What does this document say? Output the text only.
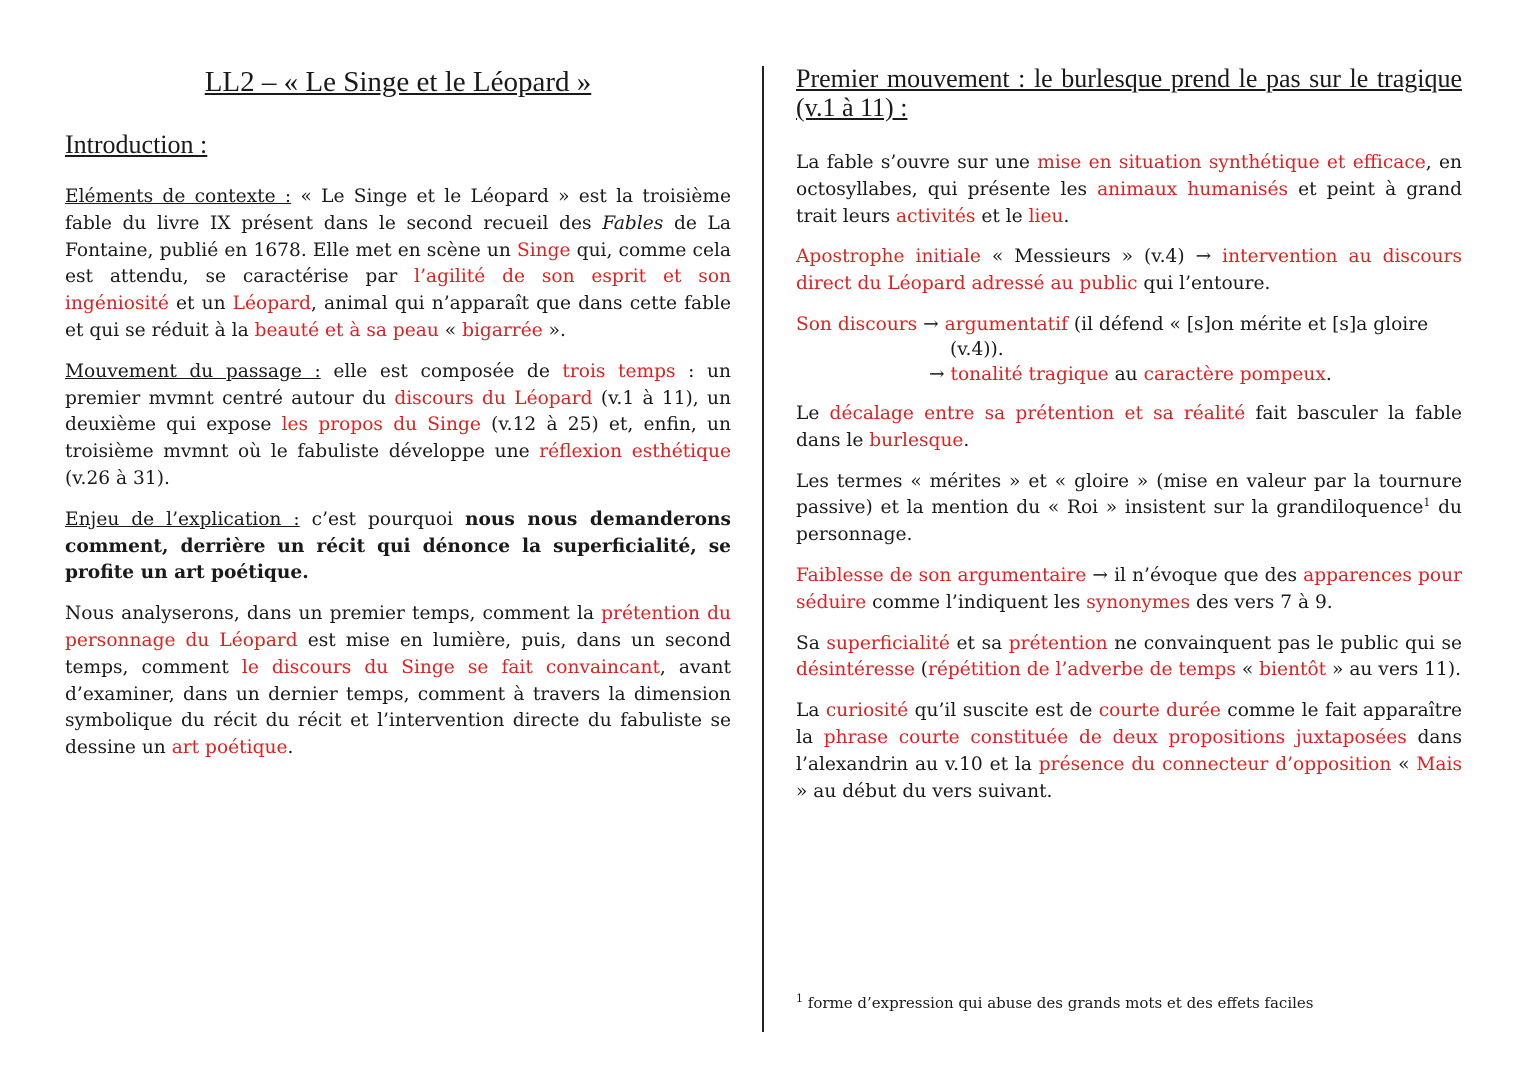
LL2 – « Le Singe et le Léopard »
Introduction :

Eléments de contexte : « Le Singe et le Léopard » est la troisième fable du livre IX présent dans le second recueil des Fables de La Fontaine, publié en 1678. Elle met en scène un Singe qui, comme cela est attendu, se caractérise par l’agilité de son esprit et son ingéniosité et un Léopard, animal qui n’apparaît que dans cette fable et qui se réduit à la beauté et à sa peau « bigarrée ».

Mouvement du passage : elle est composée de trois temps : un premier mvmnt centré autour du discours du Léopard (v.1 à 11), un deuxième qui expose les propos du Singe (v.12 à 25) et, enfin, un troisième mvmnt où le fabuliste développe une réflexion esthétique (v.26 à 31).

Enjeu de l’explication : c’est pourquoi nous nous demanderons comment, derrière un récit qui dénonce la superficialité, se profite un art poétique.

Nous analyserons, dans un premier temps, comment la prétention du personnage du Léopard est mise en lumière, puis, dans un second temps, comment le discours du Singe se fait convaincant, avant d’examiner, dans un dernier temps, comment à travers la dimension symbolique du récit du récit et l’intervention directe du fabuliste se dessine un art poétique.

Premier mouvement : le burlesque prend le pas sur le tragique (v.1 à 11) :

La fable s’ouvre sur une mise en situation synthétique et efficace, en octosyllabes, qui présente les animaux humanisés et peint à grand trait leurs activités et le lieu.

Apostrophe initiale « Messieurs » (v.4) → intervention au discours direct du Léopard adressé au public qui l’entoure.

Son discours → argumentatif (il défend « [s]on mérite et [s]a gloire
(v.4)).
→ tonalité tragique au caractère pompeux.

Le décalage entre sa prétention et sa réalité fait basculer la fable dans le burlesque.

Les termes « mérites » et « gloire » (mise en valeur par la tournure passive) et la mention du « Roi » insistent sur la grandiloquence$^1$ du personnage.

Faiblesse de son argumentaire → il n’évoque que des apparences pour séduire comme l’indiquent les synonymes des vers 7 à 9.

Sa superficialité et sa prétention ne convainquent pas le public qui se désintéresse (répétition de l’adverbe de temps « bientôt » au vers 11).

La curiosité qu’il suscite est de courte durée comme le fait apparaître la phrase courte constituée de deux propositions juxtaposées dans l’alexandrin au v.10 et la présence du connecteur d’opposition « Mais » au début du vers suivant.

$^1$ forme d’expression qui abuse des grands mots et des effets faciles
